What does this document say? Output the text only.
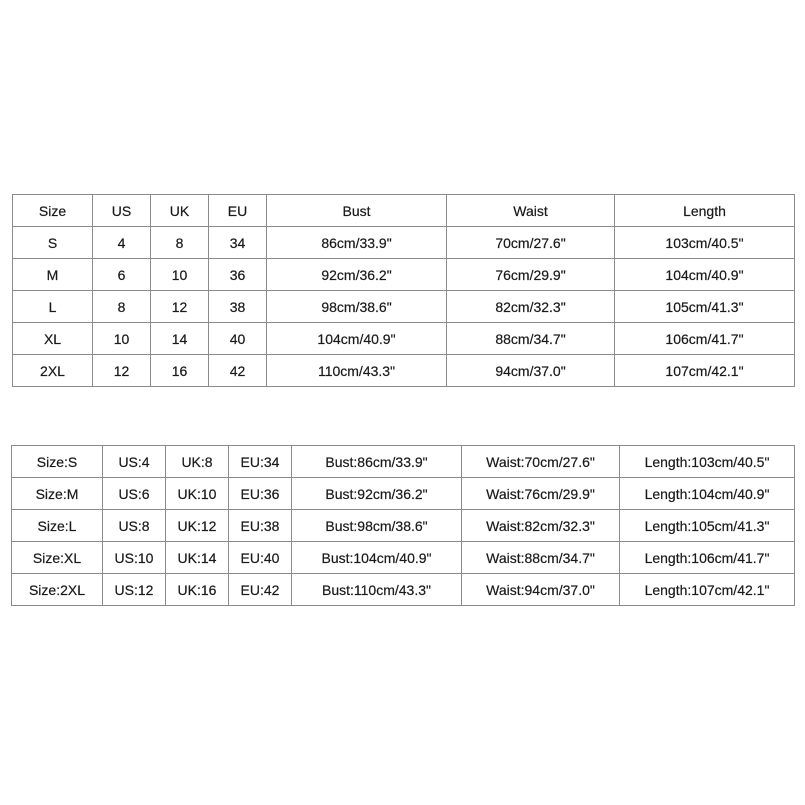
Size	US	UK	EU	Bust	Waist	Length
S	4	8	34	86cm/33.9"	70cm/27.6"	103cm/40.5"
M	6	10	36	92cm/36.2"	76cm/29.9"	104cm/40.9"
L	8	12	38	98cm/38.6"	82cm/32.3"	105cm/41.3"
XL	10	14	40	104cm/40.9"	88cm/34.7"	106cm/41.7"
2XL	12	16	42	110cm/43.3"	94cm/37.0"	107cm/42.1"
Size:S	US:4	UK:8	EU:34	Bust:86cm/33.9"	Waist:70cm/27.6"	Length:103cm/40.5"
Size:M	US:6	UK:10	EU:36	Bust:92cm/36.2"	Waist:76cm/29.9"	Length:104cm/40.9"
Size:L	US:8	UK:12	EU:38	Bust:98cm/38.6"	Waist:82cm/32.3"	Length:105cm/41.3"
Size:XL	US:10	UK:14	EU:40	Bust:104cm/40.9"	Waist:88cm/34.7"	Length:106cm/41.7"
Size:2XL	US:12	UK:16	EU:42	Bust:110cm/43.3"	Waist:94cm/37.0"	Length:107cm/42.1"
